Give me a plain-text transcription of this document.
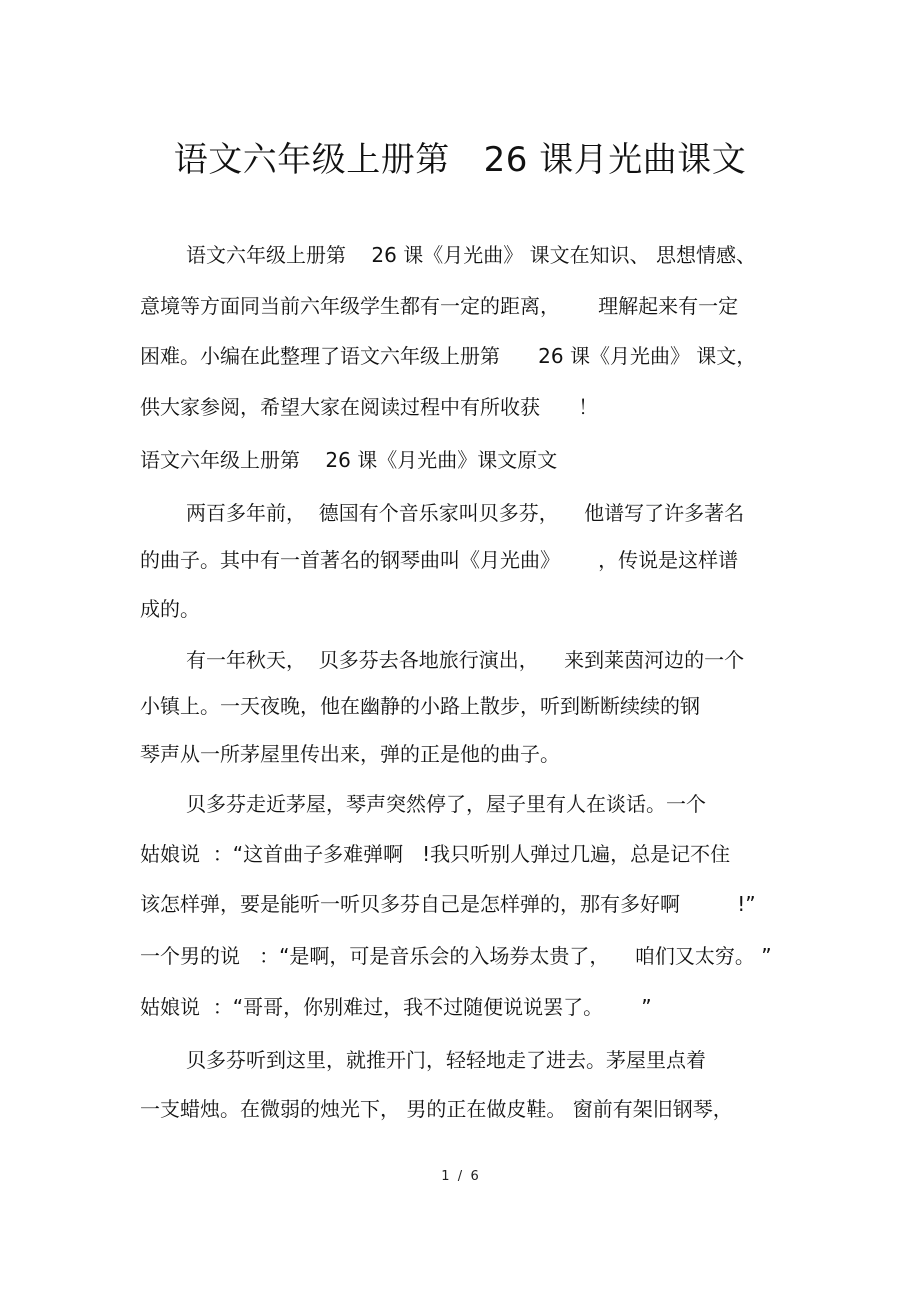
语文六年级上册第   26 课月光曲课文
语文六年级上册第    26 课《月光曲》 课文在知识、 思想情感、
意境等方面同当前六年级学生都有一定的距离，      理解起来有一定
困难。小编在此整理了语文六年级上册第      26 课《月光曲》 课文，
供大家参阅，希望大家在阅读过程中有所收获      ！
语文六年级上册第    26 课《月光曲》课文原文
两百多年前，  德国有个音乐家叫贝多芬，    他谱写了许多著名
的曲子。其中有一首著名的钢琴曲叫《月光曲》      ，传说是这样谱
成的。
有一年秋天，  贝多芬去各地旅行演出，    来到莱茵河边的一个
小镇上。一天夜晚，他在幽静的小路上散步，听到断断续续的钢
琴声从一所茅屋里传出来，弹的正是他的曲子。
贝多芬走近茅屋，琴声突然停了，屋子里有人在谈话。一个
姑娘说  ：“这首曲子多难弹啊   !我只听别人弹过几遍，总是记不住
该怎样弹，要是能听一听贝多芬自己是怎样弹的，那有多好啊         !”
一个男的说   ：“是啊，可是音乐会的入场券太贵了，    咱们又太穷。 ”
姑娘说  ：“哥哥，你别难过，我不过随便说说罢了。      ”
贝多芬听到这里，就推开门，轻轻地走了进去。茅屋里点着
一支蜡烛。在微弱的烛光下， 男的正在做皮鞋。 窗前有架旧钢琴，
1  /  6
